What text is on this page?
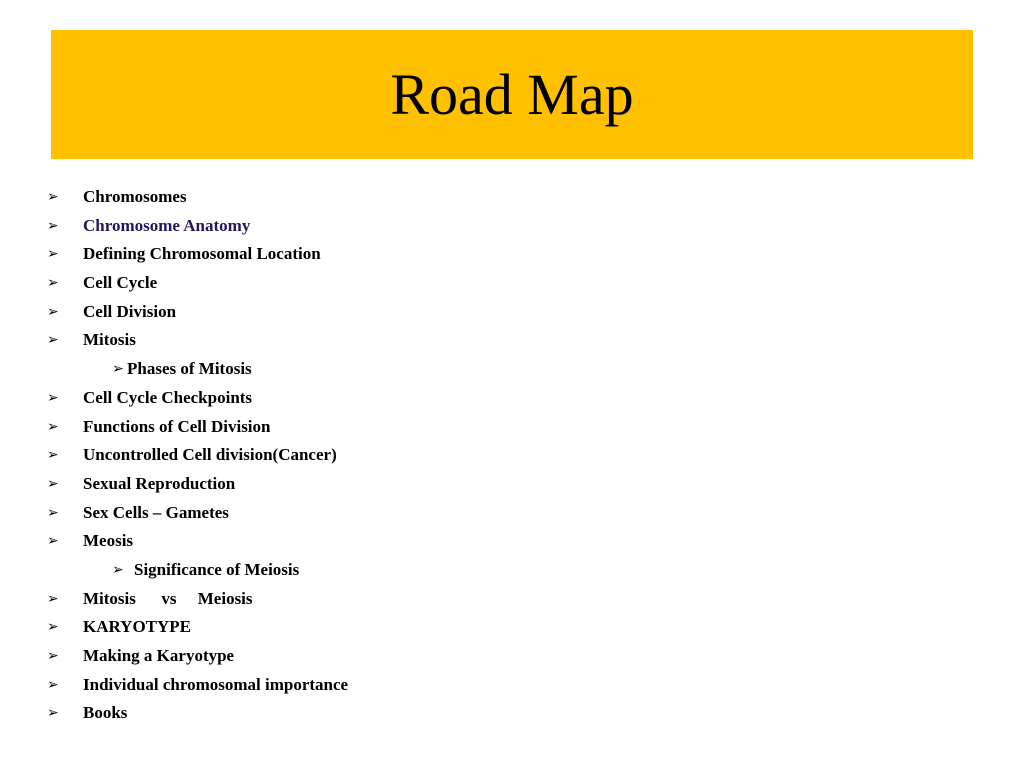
Road Map

➢

Chromosomes

➢

Chromosome Anatomy

➢

Defining Chromosomal Location

➢

Cell Cycle

➢

Cell Division

➢

Mitosis

➢

Phases of Mitosis

➢

Cell Cycle Checkpoints

➢

Functions of Cell Division

➢

Uncontrolled Cell division(Cancer)

➢

Sexual Reproduction

➢

Sex Cells – Gametes

➢

Meosis

➢

Significance of Meiosis

➢

Mitosis      vs     Meiosis

➢

KARYOTYPE

➢

Making a Karyotype

➢

Individual chromosomal importance

➢

Books
